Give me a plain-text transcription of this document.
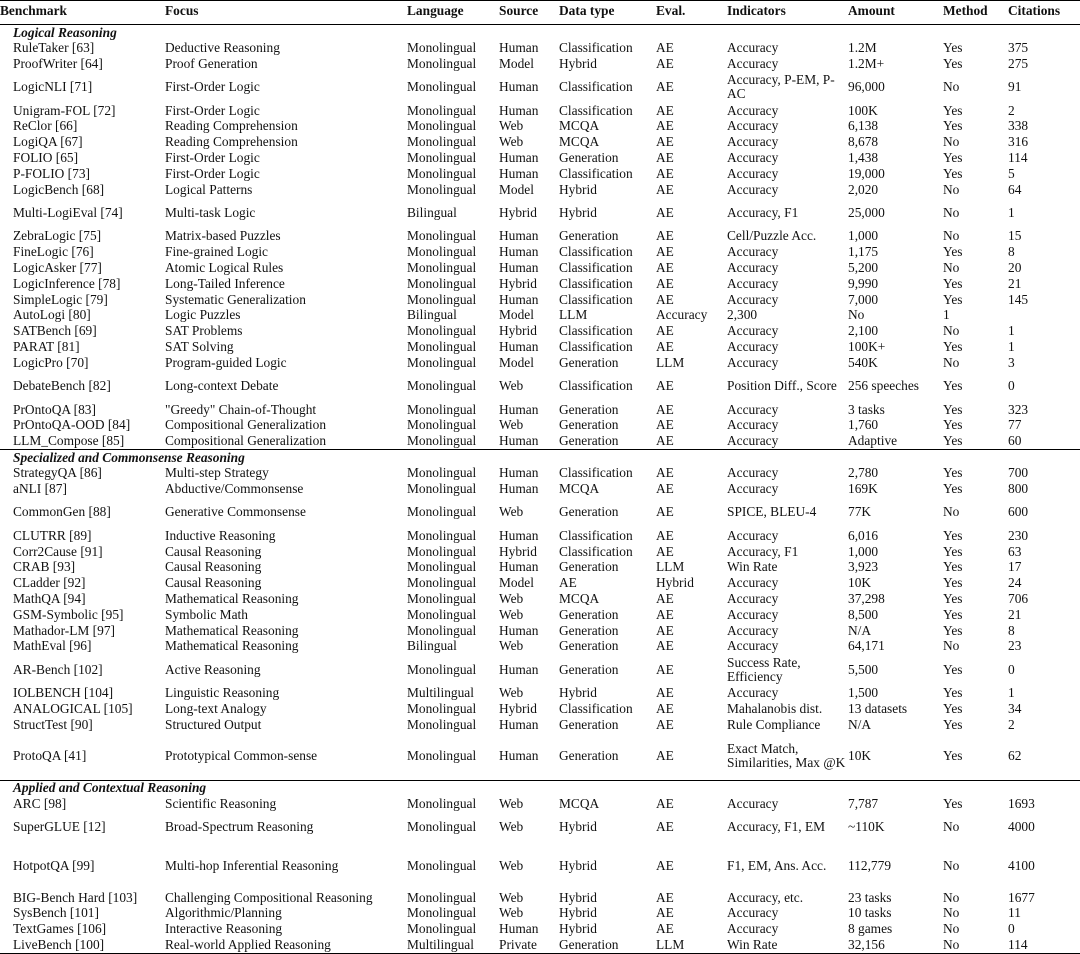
Benchmark	Focus	Language	Source	Data type	Eval.	Indicators	Amount	Method	Citations
Logical Reasoning									
RuleTaker [63]	Deductive Reasoning	Monolingual	Human	Classification	AE	Accuracy	1.2M	Yes	375
ProofWriter [64]	Proof Generation	Monolingual	Model	Hybrid	AE	Accuracy	1.2M+	Yes	275
LogicNLI [71]	First-Order Logic	Monolingual	Human	Classification	AE	Accuracy, P-EM, P-AC	96,000	No	91
Unigram-FOL [72]	First-Order Logic	Monolingual	Human	Classification	AE	Accuracy	100K	Yes	2
ReClor [66]	Reading Comprehension	Monolingual	Web	MCQA	AE	Accuracy	6,138	Yes	338
LogiQA [67]	Reading Comprehension	Monolingual	Web	MCQA	AE	Accuracy	8,678	No	316
FOLIO [65]	First-Order Logic	Monolingual	Human	Generation	AE	Accuracy	1,438	Yes	114
P-FOLIO [73]	First-Order Logic	Monolingual	Human	Classification	AE	Accuracy	19,000	Yes	5
LogicBench [68]	Logical Patterns	Monolingual	Model	Hybrid	AE	Accuracy	2,020	No	64
Multi-LogiEval [74]	Multi-task Logic	Bilingual	Hybrid	Hybrid	AE	Accuracy, F1	25,000	No	1
ZebraLogic [75]	Matrix-based Puzzles	Monolingual	Human	Generation	AE	Cell/Puzzle Acc.	1,000	No	15
FineLogic [76]	Fine-grained Logic	Monolingual	Human	Classification	AE	Accuracy	1,175	Yes	8
LogicAsker [77]	Atomic Logical Rules	Monolingual	Human	Classification	AE	Accuracy	5,200	No	20
LogicInference [78]	Long-Tailed Inference	Monolingual	Hybrid	Classification	AE	Accuracy	9,990	Yes	21
SimpleLogic [79]	Systematic Generalization	Monolingual	Human	Classification	AE	Accuracy	7,000	Yes	145
AutoLogi [80]	Logic Puzzles	Bilingual	Model	LLM	Accuracy	2,300	No	1	
SATBench [69]	SAT Problems	Monolingual	Hybrid	Classification	AE	Accuracy	2,100	No	1
PARAT [81]	SAT Solving	Monolingual	Human	Classification	AE	Accuracy	100K+	Yes	1
LogicPro [70]	Program-guided Logic	Monolingual	Model	Generation	LLM	Accuracy	540K	No	3
DebateBench [82]	Long-context Debate	Monolingual	Web	Classification	AE	Position Diff., Score	256 speeches	Yes	0
PrOntoQA [83]	"Greedy" Chain-of-Thought	Monolingual	Human	Generation	AE	Accuracy	3 tasks	Yes	323
PrOntoQA-OOD [84]	Compositional Generalization	Monolingual	Web	Generation	AE	Accuracy	1,760	Yes	77
LLM_Compose [85]	Compositional Generalization	Monolingual	Human	Generation	AE	Accuracy	Adaptive	Yes	60
Specialized and Commonsense Reasoning									
StrategyQA [86]	Multi-step Strategy	Monolingual	Human	Classification	AE	Accuracy	2,780	Yes	700
aNLI [87]	Abductive/Commonsense	Monolingual	Human	MCQA	AE	Accuracy	169K	Yes	800
CommonGen [88]	Generative Commonsense	Monolingual	Web	Generation	AE	SPICE, BLEU-4	77K	No	600
CLUTRR [89]	Inductive Reasoning	Monolingual	Human	Classification	AE	Accuracy	6,016	Yes	230
Corr2Cause [91]	Causal Reasoning	Monolingual	Hybrid	Classification	AE	Accuracy, F1	1,000	Yes	63
CRAB [93]	Causal Reasoning	Monolingual	Human	Generation	LLM	Win Rate	3,923	Yes	17
CLadder [92]	Causal Reasoning	Monolingual	Model	AE	Hybrid	Accuracy	10K	Yes	24
MathQA [94]	Mathematical Reasoning	Monolingual	Web	MCQA	AE	Accuracy	37,298	Yes	706
GSM-Symbolic [95]	Symbolic Math	Monolingual	Web	Generation	AE	Accuracy	8,500	Yes	21
Mathador-LM [97]	Mathematical Reasoning	Monolingual	Human	Generation	AE	Accuracy	N/A	Yes	8
MathEval [96]	Mathematical Reasoning	Bilingual	Web	Generation	AE	Accuracy	64,171	No	23
AR-Bench [102]	Active Reasoning	Monolingual	Human	Generation	AE	Success Rate, Efficiency	5,500	Yes	0
IOLBENCH [104]	Linguistic Reasoning	Multilingual	Web	Hybrid	AE	Accuracy	1,500	Yes	1
ANALOGICAL [105]	Long-text Analogy	Monolingual	Hybrid	Classification	AE	Mahalanobis dist.	13 datasets	Yes	34
StructTest [90]	Structured Output	Monolingual	Human	Generation	AE	Rule Compliance	N/A	Yes	2
ProtoQA [41]	Prototypical Common-sense	Monolingual	Human	Generation	AE	Exact Match, Similarities, Max @K	10K	Yes	62
Applied and Contextual Reasoning									
ARC [98]	Scientific Reasoning	Monolingual	Web	MCQA	AE	Accuracy	7,787	Yes	1693
SuperGLUE [12]	Broad-Spectrum Reasoning	Monolingual	Web	Hybrid	AE	Accuracy, F1, EM	~110K	No	4000
HotpotQA [99]	Multi-hop Inferential Reasoning	Monolingual	Web	Hybrid	AE	F1, EM, Ans. Acc.	112,779	No	4100
BIG-Bench Hard [103]	Challenging Compositional Reasoning	Monolingual	Web	Hybrid	AE	Accuracy, etc.	23 tasks	No	1677
SysBench [101]	Algorithmic/Planning	Monolingual	Web	Hybrid	AE	Accuracy	10 tasks	No	11
TextGames [106]	Interactive Reasoning	Monolingual	Human	Hybrid	AE	Accuracy	8 games	No	0
LiveBench [100]	Real-world Applied Reasoning	Multilingual	Private	Generation	LLM	Win Rate	32,156	No	114
